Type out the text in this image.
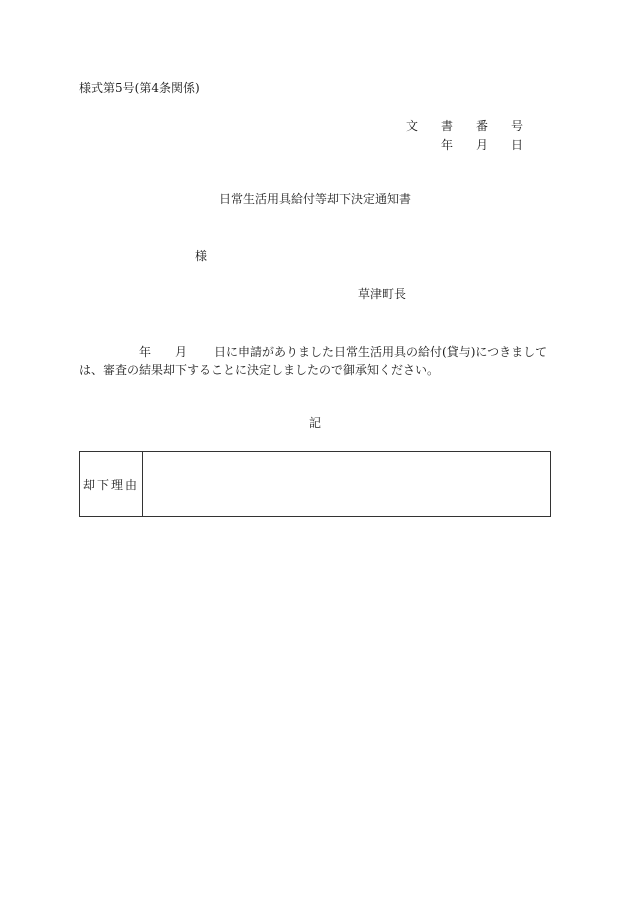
様式第5号(第4条関係)
文 書 番 号
年 月 日
日常生活用具給付等却下決定通知書
様
草津町長
年 月 日に申請がありました日常生活用具の給付(貸与)につきまして
は、審査の結果却下することに決定しましたので御承知ください。
記
却下理由
